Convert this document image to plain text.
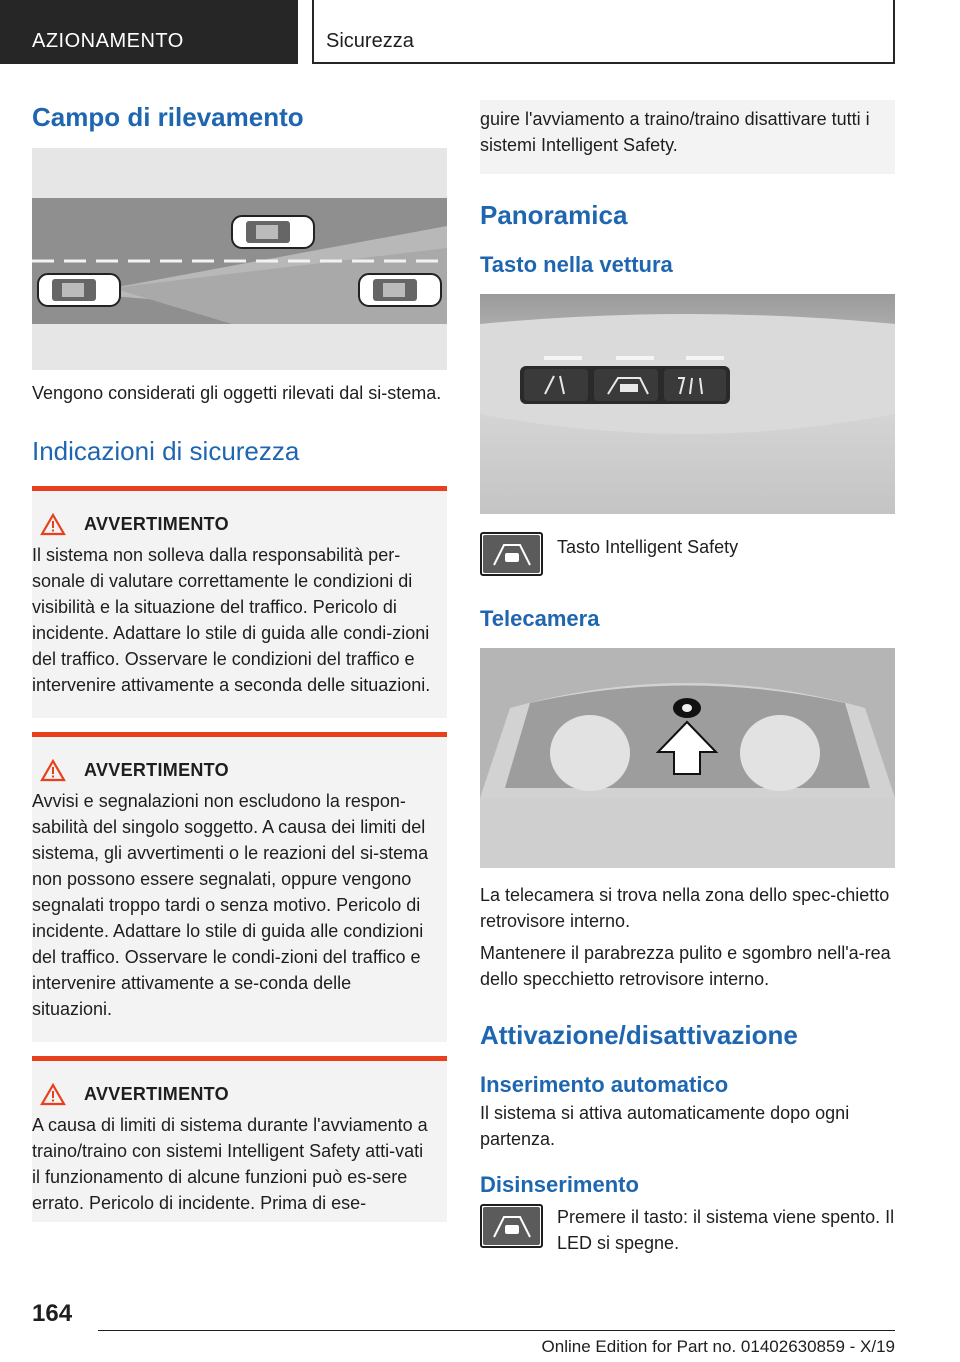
AZIONAMENTO	Sicurezza
Campo di rilevamento

Vengono considerati gli oggetti rilevati dal si-stema.

Indicazioni di sicurezza
AVVERTIMENTO

Il sistema non solleva dalla responsabilità per-sonale di valutare correttamente le condizioni di visibilità e la situazione del traffico. Pericolo di incidente. Adattare lo stile di guida alle condi-zioni del traffico. Osservare le condizioni del traffico e intervenire attivamente a seconda delle situazioni.

AVVERTIMENTO

Avvisi e segnalazioni non escludono la respon-sabilità del singolo soggetto. A causa dei limiti del sistema, gli avvertimenti o le reazioni del si-stema non possono essere segnalati, oppure vengono segnalati troppo tardi o senza motivo. Pericolo di incidente. Adattare lo stile di guida alle condizioni del traffico. Osservare le condi-zioni del traffico e intervenire attivamente a se-conda delle situazioni.

AVVERTIMENTO

A causa di limiti di sistema durante l'avviamento a traino/traino con sistemi Intelligent Safety atti-vati il funzionamento di alcune funzioni può es-sere errato. Pericolo di incidente. Prima di ese-

guire l'avviamento a traino/traino disattivare tutti i sistemi Intelligent Safety.

Panoramica
Tasto nella vettura

Tasto Intelligent Safety

Telecamera

La telecamera si trova nella zona dello spec-chietto retrovisore interno.

Mantenere il parabrezza pulito e sgombro nell'a-rea dello specchietto retrovisore interno.

Attivazione/disattivazione
Inserimento automatico

Il sistema si attiva automaticamente dopo ogni partenza.

Disinserimento

Premere il tasto: il sistema viene spento. Il LED si spegne.

164
Online Edition for Part no. 01402630859 - X/19
